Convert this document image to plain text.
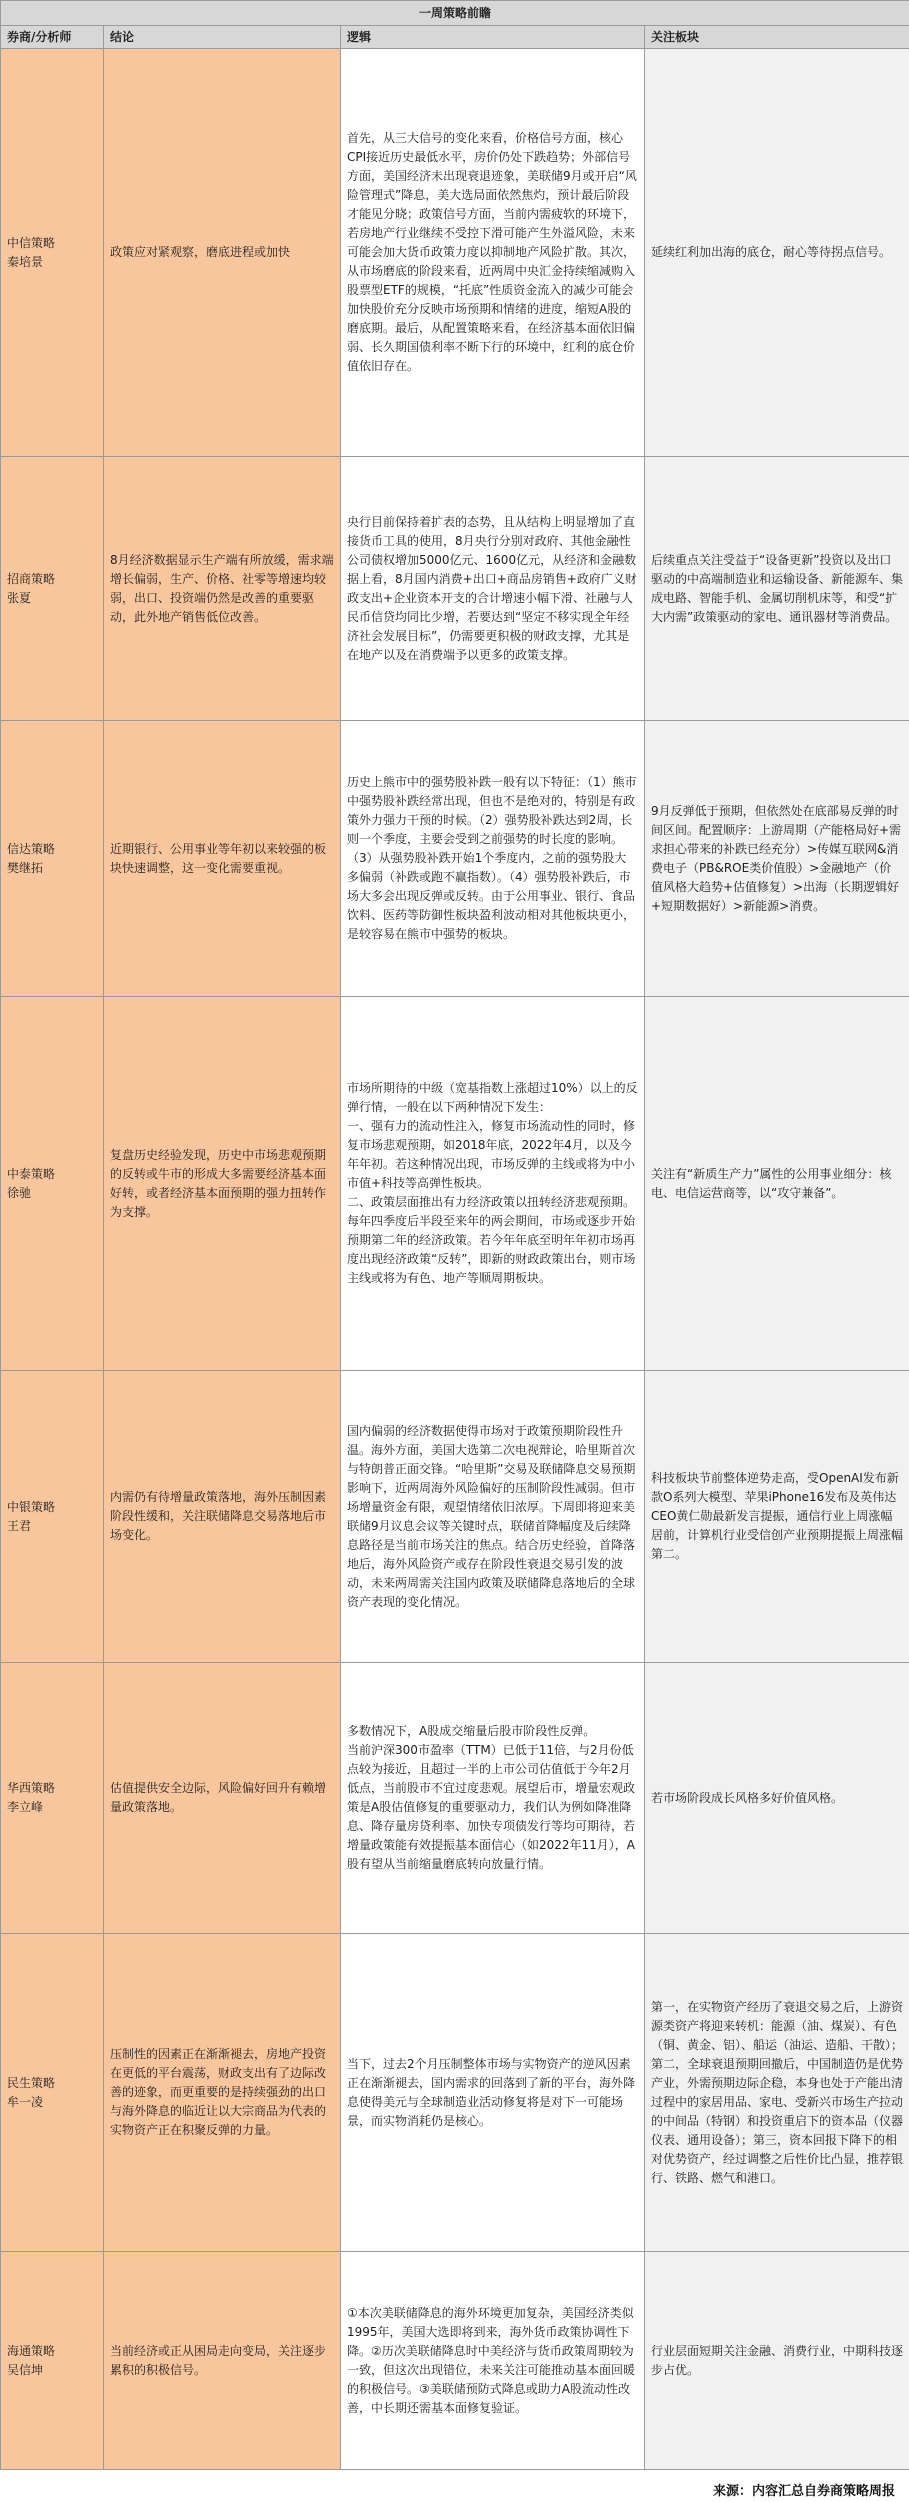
一周策略前瞻			
券商/分析师	结论	逻辑	关注板块
中信策略
秦培景	政策应对紧观察，磨底进程或加快	首先，从三大信号的变化来看，价格信号方面，核心CPI接近历史最低水平，房价仍处下跌趋势；外部信号方面，美国经济未出现衰退迹象，美联储9月或开启“风险管理式”降息，美大选局面依然焦灼，预计最后阶段才能见分晓；政策信号方面，当前内需疲软的环境下，若房地产行业继续不受控下滑可能产生外溢风险，未来可能会加大货币政策力度以抑制地产风险扩散。其次，从市场磨底的阶段来看，近两周中央汇金持续缩减购入股票型ETF的规模，“托底”性质资金流入的减少可能会加快股价充分反映市场预期和情绪的进度，缩短A股的磨底期。最后，从配置策略来看，在经济基本面依旧偏弱、长久期国债利率不断下行的环境中，红利的底仓价值依旧存在。	延续红利加出海的底仓，耐心等待拐点信号。
招商策略
张夏	8月经济数据显示生产端有所放缓，需求端增长偏弱，生产、价格、社零等增速均较弱，出口、投资端仍然是改善的重要驱动，此外地产销售低位改善。	央行目前保持着扩表的态势，且从结构上明显增加了直接货币工具的使用，8月央行分别对政府、其他金融性公司债权增加5000亿元、1600亿元，从经济和金融数据上看，8月国内消费+出口+商品房销售+政府广义财政支出+企业资本开支的合计增速小幅下滑、社融与人民币信贷均同比少增，若要达到“坚定不移实现全年经济社会发展目标”，仍需要更积极的财政支撑，尤其是在地产以及在消费端予以更多的政策支撑。	后续重点关注受益于“设备更新”投资以及出口驱动的中高端制造业和运输设备、新能源车、集成电路、智能手机、金属切削机床等，和受“扩大内需”政策驱动的家电、通讯器材等消费品。
信达策略
樊继拓	近期银行、公用事业等年初以来较强的板块快速调整，这一变化需要重视。	历史上熊市中的强势股补跌一般有以下特征：（1）熊市中强势股补跌经常出现，但也不是绝对的，特别是有政策外力强力干预的时候。（2）强势股补跌达到2周，长则一个季度，主要会受到之前强势的时长度的影响。（3）从强势股补跌开始1个季度内，之前的强势股大多偏弱（补跌或跑不赢指数）。（4）强势股补跌后，市场大多会出现反弹或反转。由于公用事业、银行、食品饮料、医药等防御性板块盈利波动相对其他板块更小，是较容易在熊市中强势的板块。	9月反弹低于预期，但依然处在底部易反弹的时间区间。配置顺序：上游周期（产能格局好+需求担心带来的补跌已经充分）>传媒互联网&消费电子（PB&ROE类价值股）>金融地产（价值风格大趋势+估值修复）>出海（长期逻辑好+短期数据好）>新能源>消费。
中泰策略
徐驰	复盘历史经验发现，历史中市场悲观预期的反转或牛市的形成大多需要经济基本面好转，或者经济基本面预期的强力扭转作为支撑。	市场所期待的中级（宽基指数上涨超过10%）以上的反弹行情，一般在以下两种情况下发生：
一、强有力的流动性注入，修复市场流动性的同时，修复市场悲观预期，如2018年底，2022年4月，以及今年年初。若这种情况出现，市场反弹的主线或将为中小市值+科技等高弹性板块。
二、政策层面推出有力经济政策以扭转经济悲观预期。每年四季度后半段至来年的两会期间，市场或逐步开始预期第二年的经济政策。若今年年底至明年年初市场再度出现经济政策“反转”，即新的财政政策出台，则市场主线或将为有色、地产等顺周期板块。	关注有“新质生产力”属性的公用事业细分：核电、电信运营商等，以“攻守兼备”。
中银策略
王君	内需仍有待增量政策落地，海外压制因素阶段性缓和，关注联储降息交易落地后市场变化。	国内偏弱的经济数据使得市场对于政策预期阶段性升温。海外方面，美国大选第二次电视辩论，哈里斯首次与特朗普正面交锋。“哈里斯”交易及联储降息交易预期影响下，近两周海外风险偏好的压制阶段性减弱。但市场增量资金有限，观望情绪依旧浓厚。下周即将迎来美联储9月议息会议等关键时点，联储首降幅度及后续降息路径是当前市场关注的焦点。结合历史经验，首降落地后，海外风险资产或存在阶段性衰退交易引发的波动，未来两周需关注国内政策及联储降息落地后的全球资产表现的变化情况。	科技板块节前整体逆势走高，受OpenAI发布新款O系列大模型、苹果iPhone16发布及英伟达CEO黄仁勋最新发言提振，通信行业上周涨幅居前，计算机行业受信创产业预期提振上周涨幅第二。
华西策略
李立峰	估值提供安全边际，风险偏好回升有赖增量政策落地。	多数情况下，A股成交缩量后股市阶段性反弹。
当前沪深300市盈率（TTM）已低于11倍，与2月份低点较为接近，且超过一半的上市公司估值低于今年2月低点，当前股市不宜过度悲观。展望后市，增量宏观政策是A股估值修复的重要驱动力，我们认为例如降准降息、降存量房贷利率、加快专项债发行等均可期待，若增量政策能有效提振基本面信心（如2022年11月），A股有望从当前缩量磨底转向放量行情。	若市场阶段成长风格多好价值风格。
民生策略
牟一凌	压制性的因素正在渐渐褪去，房地产投资在更低的平台震荡，财政支出有了边际改善的迹象，而更重要的是持续强劲的出口与海外降息的临近让以大宗商品为代表的实物资产正在积聚反弹的力量。	当下，过去2个月压制整体市场与实物资产的逆风因素正在渐渐褪去，国内需求的回落到了新的平台，海外降息使得美元与全球制造业活动修复将是对下一可能场景，而实物消耗仍是核心。	第一，在实物资产经历了衰退交易之后，上游资源类资产将迎来转机：能源（油、煤炭）、有色（铜、黄金、铝）、船运（油运、造船、干散）；第二，全球衰退预期回撤后，中国制造仍是优势产业，外需预期边际企稳，本身也处于产能出清过程中的家居用品、家电、受新兴市场生产拉动的中间品（特钢）和投资重启下的资本品（仪器仪表、通用设备）；第三，资本回报下降下的相对优势资产，经过调整之后性价比凸显，推荐银行、铁路、燃气和港口。
海通策略
吴信坤	当前经济或正从困局走向变局，关注逐步累积的积极信号。	①本次美联储降息的海外环境更加复杂，美国经济类似1995年，美国大选即将到来，海外货币政策协调性下降。②历次美联储降息时中美经济与货币政策周期较为一致，但这次出现错位，未来关注可能推动基本面回暖的积极信号。③美联储预防式降息或助力A股流动性改善，中长期还需基本面修复验证。	行业层面短期关注金融、消费行业，中期科技逐步占优。
来源：内容汇总自券商策略周报
